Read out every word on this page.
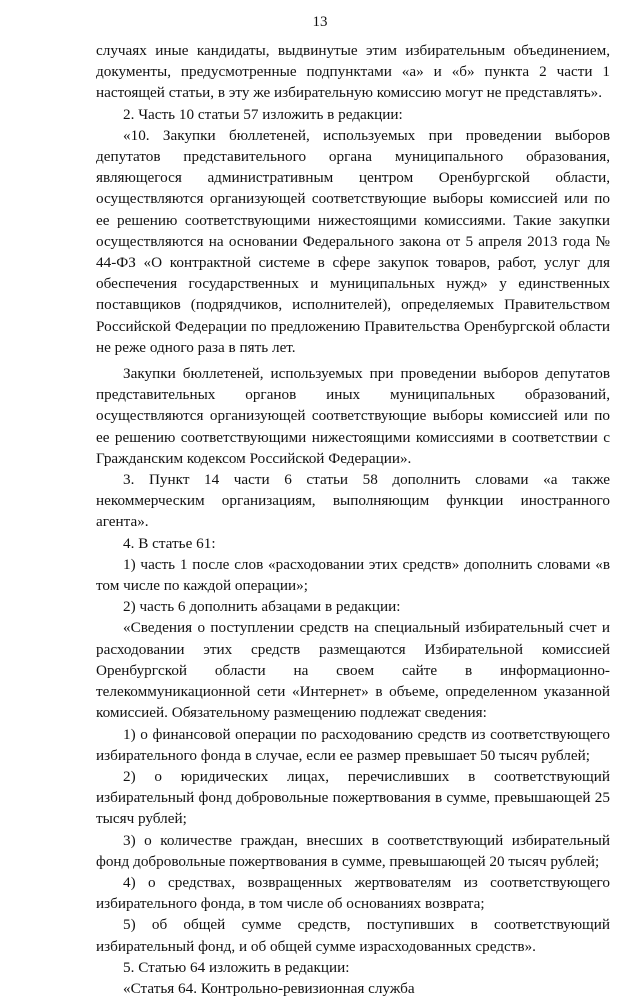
13

случаях иные кандидаты, выдвинутые этим избирательным объединением, документы, предусмотренные подпунктами «а» и «б» пункта 2 части 1 настоящей статьи, в эту же избирательную комиссию могут не представлять».

2. Часть 10 статьи 57 изложить в редакции:

«10. Закупки бюллетеней, используемых при проведении выборов депутатов представительного органа муниципального образования, являющегося административным центром Оренбургской области, осуществляются организующей соответствующие выборы комиссией или по ее решению соответствующими нижестоящими комиссиями. Такие закупки осуществляются на основании Федерального закона от 5 апреля 2013 года № 44-ФЗ «О контрактной системе в сфере закупок товаров, работ, услуг для обеспечения государственных и муниципальных нужд» у единственных поставщиков (подрядчиков, исполнителей), определяемых Правительством Российской Федерации по предложению Правительства Оренбургской области не реже одного раза в пять лет.

Закупки бюллетеней, используемых при проведении выборов депутатов представительных органов иных муниципальных образований, осуществляются организующей соответствующие выборы комиссией или по ее решению соответствующими нижестоящими комиссиями в соответствии с Гражданским кодексом Российской Федерации».

3. Пункт 14 части 6 статьи 58 дополнить словами «а также некоммерческим организациям, выполняющим функции иностранного агента».

4. В статье 61:

1) часть 1 после слов «расходовании этих средств» дополнить словами «в том числе по каждой операции»;

2) часть 6 дополнить абзацами в редакции:

«Сведения о поступлении средств на специальный избирательный счет и расходовании этих средств размещаются Избирательной комиссией Оренбургской области на своем сайте в информационно-телекоммуникационной сети «Интернет» в объеме, определенном указанной комиссией. Обязательному размещению подлежат сведения:

1) о финансовой операции по расходованию средств из соответствующего избирательного фонда в случае, если ее размер превышает 50 тысяч рублей;

2) о юридических лицах, перечисливших в соответствующий избирательный фонд добровольные пожертвования в сумме, превышающей 25 тысяч рублей;

3) о количестве граждан, внесших в соответствующий избирательный фонд добровольные пожертвования в сумме, превышающей 20 тысяч рублей;

4) о средствах, возвращенных жертвователям из соответствующего избирательного фонда, в том числе об основаниях возврата;

5) об общей сумме средств, поступивших в соответствующий избирательный фонд, и об общей сумме израсходованных средств».

5. Статью 64 изложить в редакции:

«Статья 64. Контрольно-ревизионная служба
